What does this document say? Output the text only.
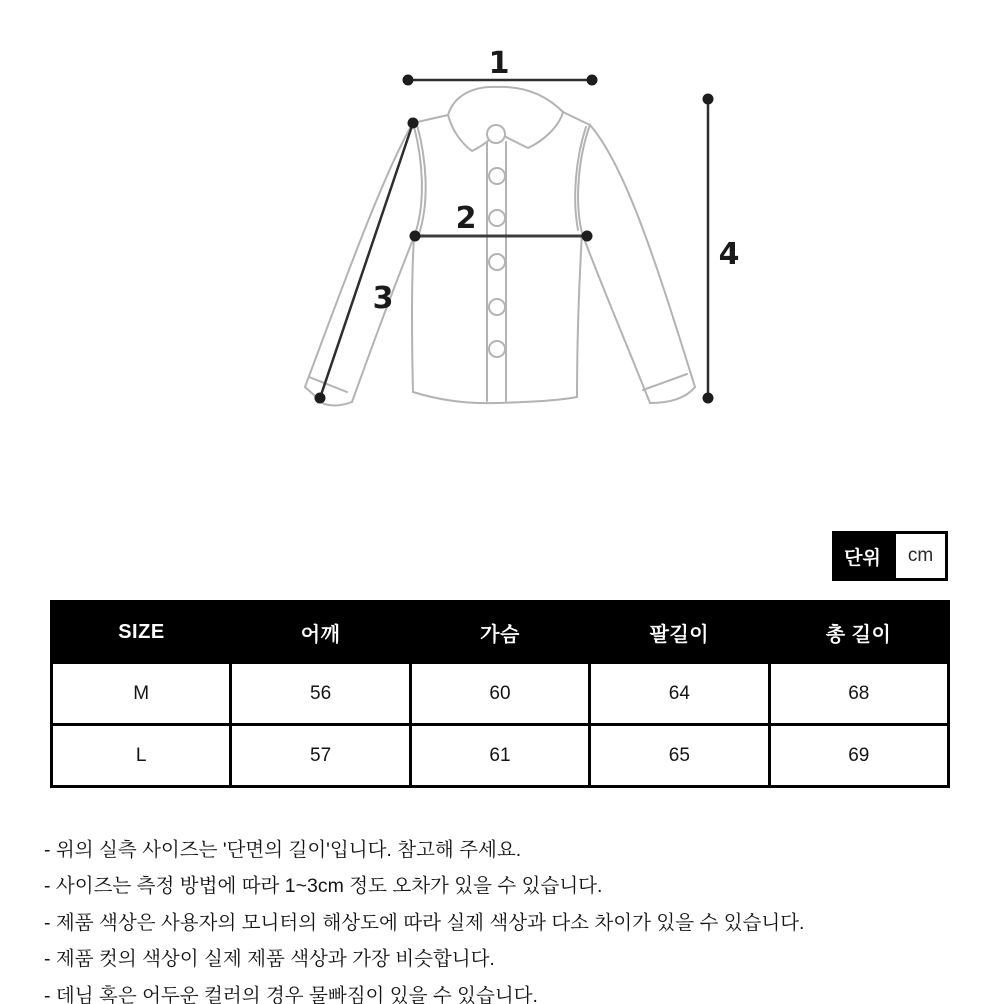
1
2
3
4
단위	cm
SIZE	어깨	가슴	팔길이	총 길이
M	56	60	64	68
L	57	61	65	69

- 위의 실측 사이즈는 '단면의 길이'입니다. 참고해 주세요.

- 사이즈는 측정 방법에 따라 1~3cm 정도 오차가 있을 수 있습니다.

- 제품 색상은 사용자의 모니터의 해상도에 따라 실제 색상과 다소 차이가 있을 수 있습니다.

- 제품 컷의 색상이 실제 제품 색상과 가장 비슷합니다.

- 데님 혹은 어두운 컬러의 경우 물빠짐이 있을 수 있습니다.
